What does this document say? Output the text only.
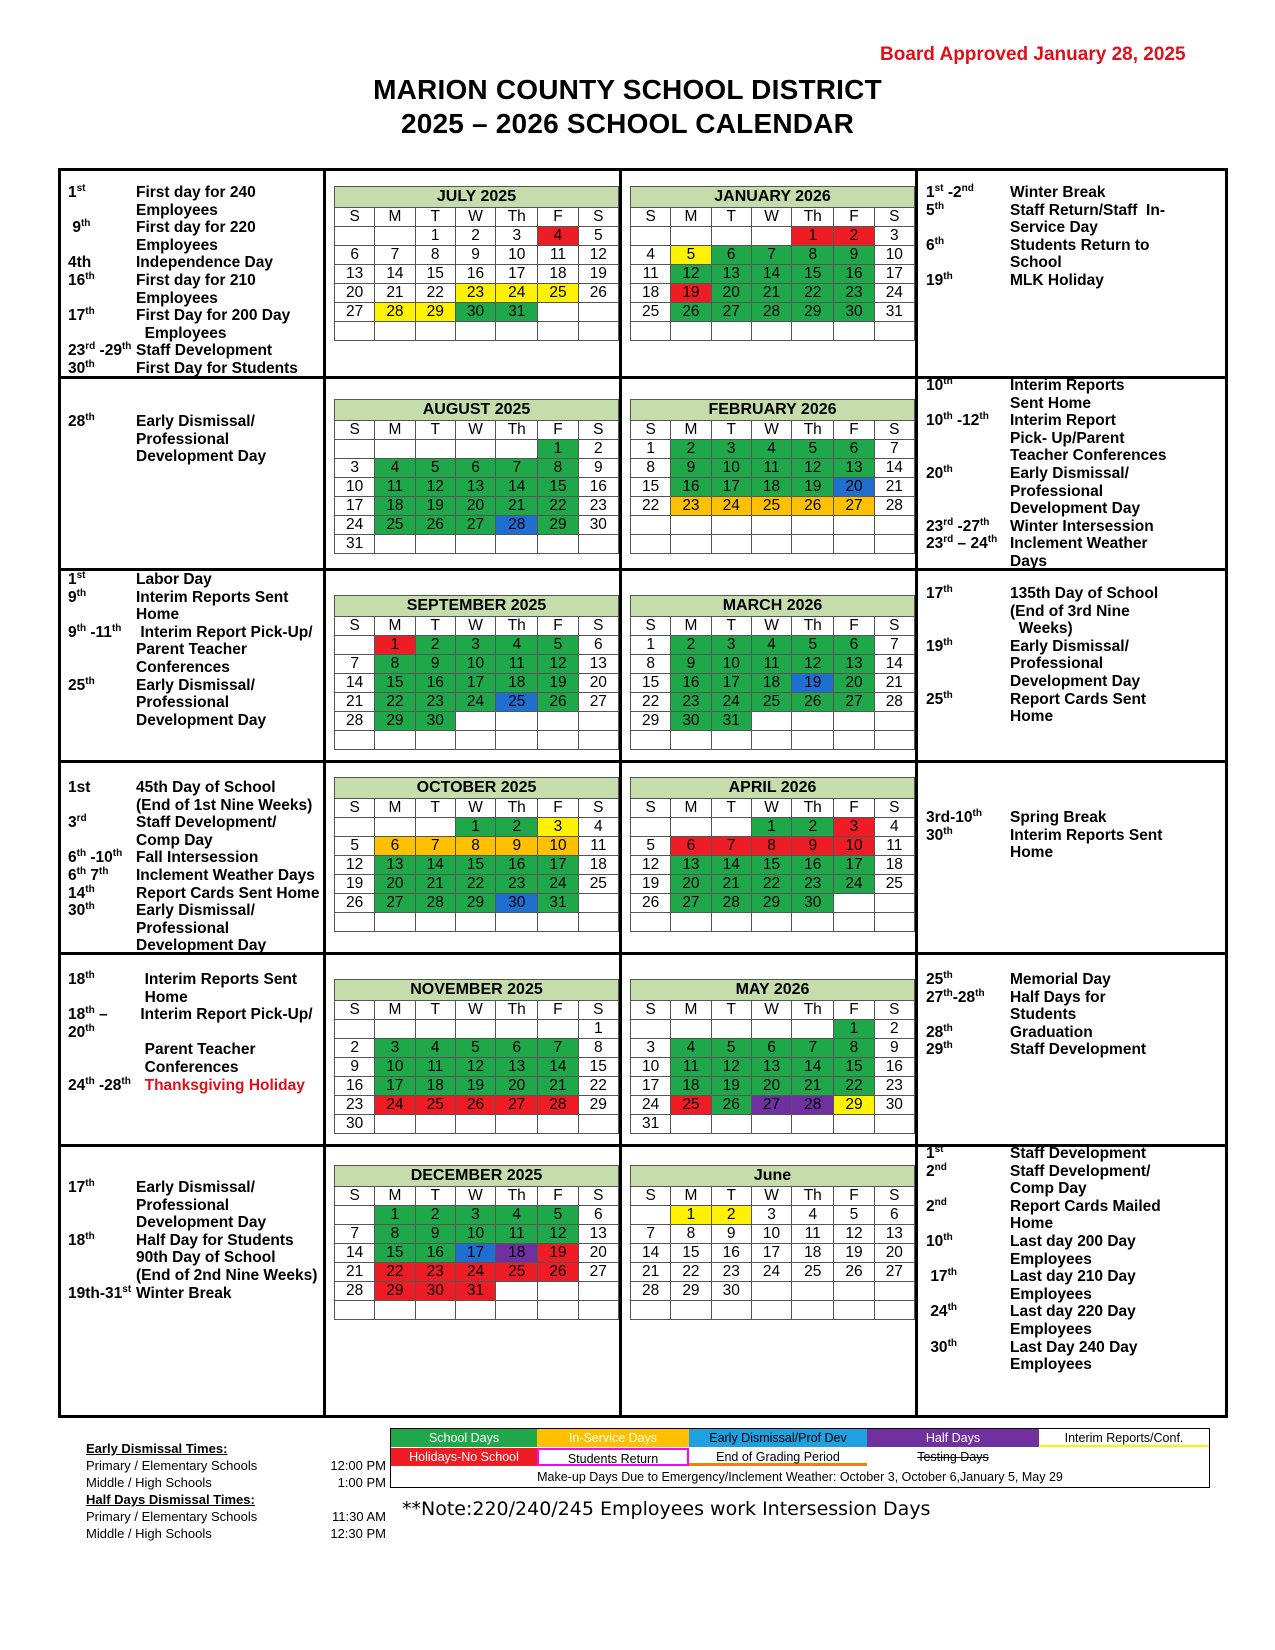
Board Approved January 28, 2025
MARION COUNTY SCHOOL DISTRICT
2025 – 2026 SCHOOL CALENDAR
1st	First day for 240
Employees
9th	First day for 220
Employees
4th	Independence Day
16th	First day for 210
Employees
17th	First Day for 200 Day
Employees
23rd -29th Staff Development
30th	First Day for Students
28th	Early Dismissal/
Professional
Development Day
1st	Labor Day
9th	Interim Reports Sent
Home
9th -11th Interim Report Pick-Up/
Parent Teacher
Conferences
25th	Early Dismissal/
Professional
Development Day
1st	45th Day of School
(End of 1st Nine Weeks)
3rd	Staff Development/
Comp Day
6th -10th Fall Intersession
6th 7th	Inclement Weather Days
14th	Report Cards Sent Home
30th	Early Dismissal/
Professional
Development Day
18th	Interim Reports Sent
Home
18th – 20th
Interim Report Pick-Up/
Parent Teacher
Conferences
24th -28th Thanksgiving Holiday
17th	Early Dismissal/
Professional
Development Day
18th	Half Day for Students
90th Day of School
(End of 2nd Nine Weeks)
19th-31st Winter Break
1st -2nd	Winter Break
5th	Staff Return/Staff  In-
Service Day
6th	Students Return to
School
19th	MLK Holiday
10th	Interim Reports
Sent Home
10th -12th	Interim Report
Pick- Up/Parent
Teacher Conferences
20th	Early Dismissal/
Professional
Development Day
23rd -27th	Winter Intersession
23rd – 24th Inclement Weather
Days
17th	135th Day of School
(End of 3rd Nine
Weeks)
19th	Early Dismissal/
Professional
Development Day
25th	Report Cards Sent
Home
3rd-10th	Spring Break
30th	Interim Reports Sent
Home
25th	Memorial Day
27th-28th	Half Days for
Students
28th	Graduation
29th	Staff Development
1st	Staff Development
2nd	Staff Development/
Comp Day
2nd	Report Cards Mailed
Home
10th	Last day 200 Day
Employees
17th	Last day 210 Day
Employees
24th	Last day 220 Day
Employees
30th	Last Day 240 Day
Employees
JULY 2025						
S	M	T	W	Th	F	S
		1	2	3	4	5
6	7	8	9	10	11	12
13	14	15	16	17	18	19
20	21	22	23	24	25	26
27	28	29	30	31		

JANUARY 2026						
S	M	T	W	Th	F	S
				1	2	3
4	5	6	7	8	9	10
11	12	13	14	15	16	17
18	19	20	21	22	23	24
25	26	27	28	29	30	31

AUGUST 2025						
S	M	T	W	Th	F	S
					1	2
3	4	5	6	7	8	9
10	11	12	13	14	15	16
17	18	19	20	21	22	23
24	25	26	27	28	29	30
31						
FEBRUARY 2026						
S	M	T	W	Th	F	S
1	2	3	4	5	6	7
8	9	10	11	12	13	14
15	16	17	18	19	20	21
22	23	24	25	26	27	28

SEPTEMBER 2025						
S	M	T	W	Th	F	S
	1	2	3	4	5	6
7	8	9	10	11	12	13
14	15	16	17	18	19	20
21	22	23	24	25	26	27
28	29	30				

MARCH 2026						
S	M	T	W	Th	F	S
1	2	3	4	5	6	7
8	9	10	11	12	13	14
15	16	17	18	19	20	21
22	23	24	25	26	27	28
29	30	31				

OCTOBER 2025						
S	M	T	W	Th	F	S
			1	2	3	4
5	6	7	8	9	10	11
12	13	14	15	16	17	18
19	20	21	22	23	24	25
26	27	28	29	30	31	

APRIL 2026						
S	M	T	W	Th	F	S
			1	2	3	4
5	6	7	8	9	10	11
12	13	14	15	16	17	18
19	20	21	22	23	24	25
26	27	28	29	30		

NOVEMBER 2025						
S	M	T	W	Th	F	S
						1
2	3	4	5	6	7	8
9	10	11	12	13	14	15
16	17	18	19	20	21	22
23	24	25	26	27	28	29
30						
MAY 2026						
S	M	T	W	Th	F	S
					1	2
3	4	5	6	7	8	9
10	11	12	13	14	15	16
17	18	19	20	21	22	23
24	25	26	27	28	29	30
31						
DECEMBER 2025						
S	M	T	W	Th	F	S
	1	2	3	4	5	6
7	8	9	10	11	12	13
14	15	16	17	18	19	20
21	22	23	24	25	26	27
28	29	30	31			

June						
S	M	T	W	Th	F	S
	1	2	3	4	5	6
7	8	9	10	11	12	13
14	15	16	17	18	19	20
21	22	23	24	25	26	27
28	29	30				

Early Dismissal Times:
Primary / Elementary Schools	12:00 PM
Middle / High Schools	1:00 PM
Half Days Dismissal Times:
Primary / Elementary Schools	11:30 AM
Middle / High Schools	12:30 PM
School Days	In-Service Days	Early Dismissal/Prof Dev	Half Days	Interim Reports/Conf.
Holidays-No School	Students Return	End of Grading Period	Testing Days
Make-up Days Due to Emergency/Inclement Weather: October 3, October 6,January 5, May 29
**Note:220/240/245 Employees work Intersession Days
